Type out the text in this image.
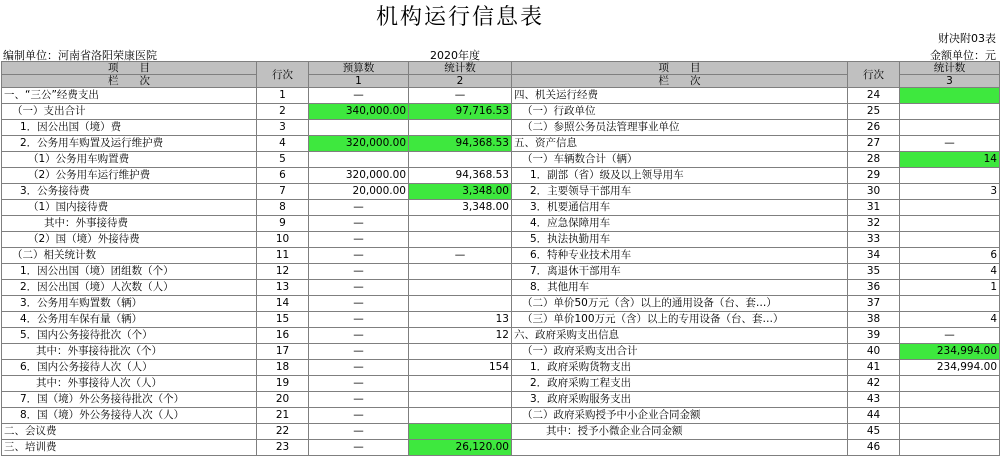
机构运行信息表
财决附03表
编制单位：河南省洛阳荣康医院	2020年度	金额单位：元
项　　目	行次	预算数	统计数	项　　目	行次	统计数
栏　　次		1	2	栏　　次		3
一、“三公”经费支出	1	—	—	四、机关运行经费	24	
（一）支出合计	2	340,000.00	97,716.53	（一）行政单位	25	
1．因公出国（境）费	3			（二）参照公务员法管理事业单位	26	
2．公务用车购置及运行维护费	4	320,000.00	94,368.53	五、资产信息	27	—
（1）公务用车购置费	5			（一）车辆数合计（辆）	28	14
（2）公务用车运行维护费	6	320,000.00	94,368.53	1．副部（省）级及以上领导用车	29	
3．公务接待费	7	20,000.00	3,348.00	2．主要领导干部用车	30	3
（1）国内接待费	8	—	3,348.00	3．机要通信用车	31	
其中：外事接待费	9	—		4．应急保障用车	32	
（2）国（境）外接待费	10	—		5．执法执勤用车	33	
（二）相关统计数	11	—	—	6．特种专业技术用车	34	6
1．因公出国（境）团组数（个）	12	—		7．离退休干部用车	35	4
2．因公出国（境）人次数（人）	13	—		8．其他用车	36	1
3．公务用车购置数（辆）	14	—		（二）单价50万元（含）以上的通用设备（台、套…）	37	
4．公务用车保有量（辆）	15	—	13	（三）单价100万元（含）以上的专用设备（台、套…）	38	4
5．国内公务接待批次（个）	16	—	12	六、政府采购支出信息	39	—
其中：外事接待批次（个）	17	—		（一）政府采购支出合计	40	234,994.00
6．国内公务接待人次（人）	18	—	154	1．政府采购货物支出	41	234,994.00
其中：外事接待人次（人）	19	—		2．政府采购工程支出	42	
7．国（境）外公务接待批次（个）	20	—		3．政府采购服务支出	43	
8．国（境）外公务接待人次（人）	21	—		（二）政府采购授予中小企业合同金额	44	
二、会议费	22	—		其中：授予小微企业合同金额	45	
三、培训费	23	—	26,120.00		46	
